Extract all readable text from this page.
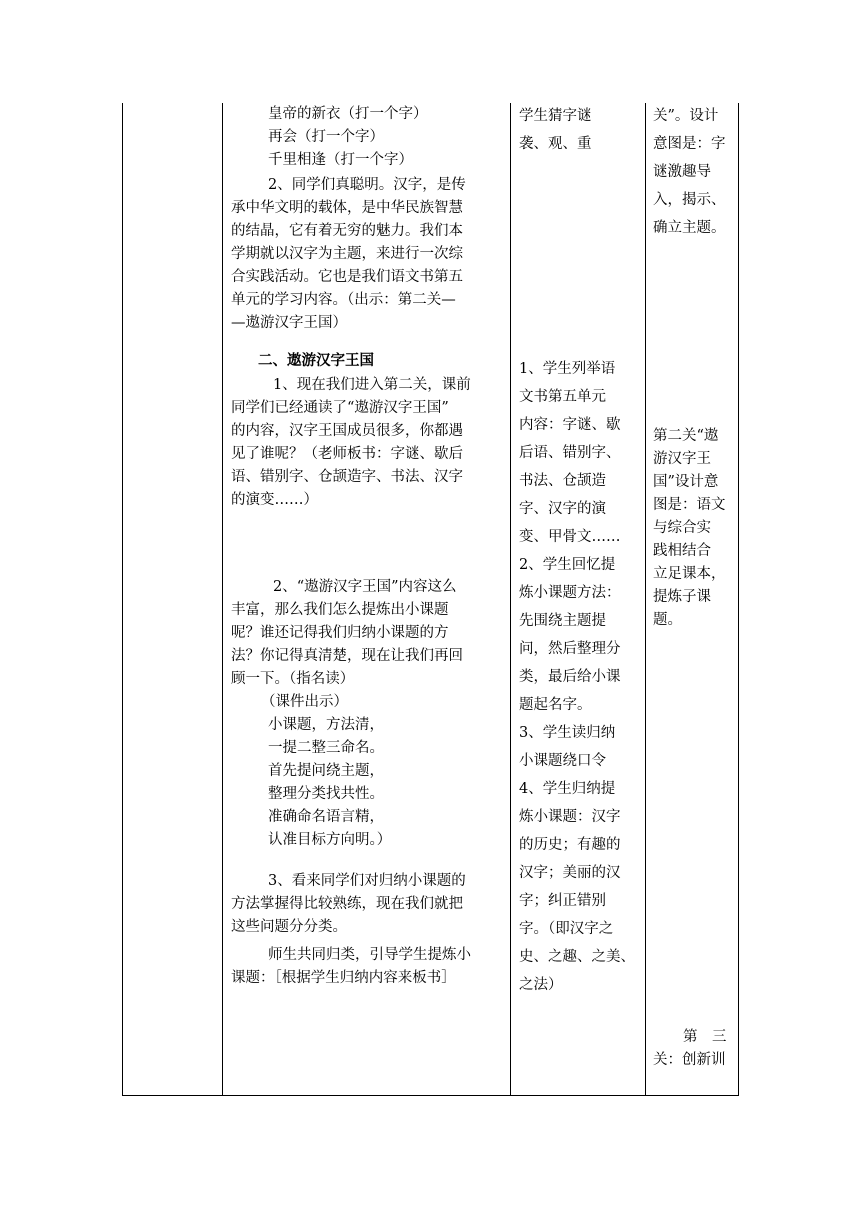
皇帝的新衣（打一个字）
再会（打一个字）
千里相逢（打一个字）
2、同学们真聪明。汉字，是传
承中华文明的载体，是中华民族智慧
的结晶，它有着无穷的魅力。我们本
学期就以汉字为主题，来进行一次综
合实践活动。它也是我们语文书第五
单元的学习内容。（出示：第二关—
—遨游汉字王国）
二、遨游汉字王国
1、现在我们进入第二关，课前
同学们已经通读了“遨游汉字王国”
的内容，汉字王国成员很多，你都遇
见了谁呢？（老师板书：字谜、歇后
语、错别字、仓颉造字、书法、汉字
的演变……）
2、“遨游汉字王国”内容这么
丰富，那么我们怎么提炼出小课题
呢？谁还记得我们归纳小课题的方
法？你记得真清楚，现在让我们再回
顾一下。（指名读）
（课件出示）
小课题，方法清，
一提二整三命名。
首先提问绕主题，
整理分类找共性。
准确命名语言精，
认准目标方向明。）
3、看来同学们对归纳小课题的
方法掌握得比较熟练，现在我们就把
这些问题分分类。
师生共同归类，引导学生提炼小
课题：［根据学生归纳内容来板书］
学生猜字谜
袭、观、重
1、学生列举语
文书第五单元
内容：字谜、歇
后语、错别字、
书法、仓颉造
字、汉字的演
变、甲骨文……
2、学生回忆提
炼小课题方法：
先围绕主题提
问，然后整理分
类，最后给小课
题起名字。
3、学生读归纳
小课题绕口令
4、学生归纳提
炼小课题：汉字
的历史；有趣的
汉字；美丽的汉
字；纠正错别
字。（即汉字之
史、之趣、之美、
之法）
关”。设计
意图是：字
谜激趣导
入，揭示、
确立主题。
第二关“遨
游汉字王
国”设计意
图是：语文
与综合实
践相结合
立足课本，
提炼子课
题。
第　三
关：创新训
